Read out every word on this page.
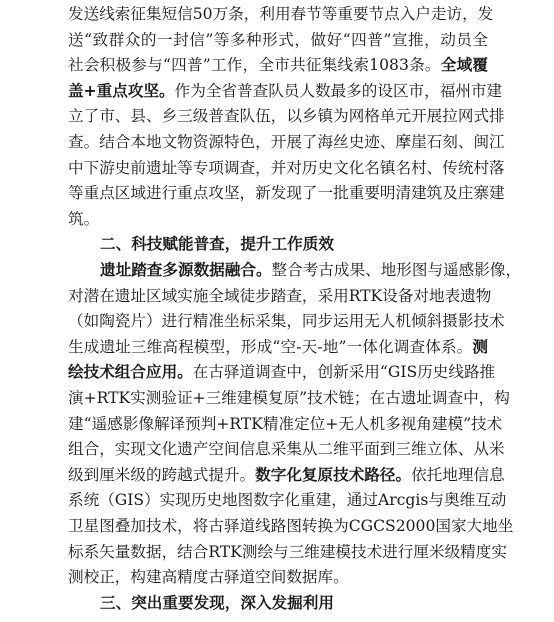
发送线索征集短信50万条，利用春节等重要节点入户走访，发
送“致群众的一封信”等多种形式，做好“四普”宣推，动员全
社会积极参与“四普”工作，全市共征集线索1083条。全域覆
盖+重点攻坚。作为全省普查队员人数最多的设区市，福州市建
立了市、县、乡三级普查队伍，以乡镇为网格单元开展拉网式排
查。结合本地文物资源特色，开展了海丝史迹、摩崖石刻、闽江
中下游史前遗址等专项调查，并对历史文化名镇名村、传统村落
等重点区域进行重点攻坚，新发现了一批重要明清建筑及庄寨建
筑。
二、科技赋能普查，提升工作质效
遗址踏查多源数据融合。整合考古成果、地形图与遥感影像，
对潜在遗址区域实施全域徒步踏查，采用RTK设备对地表遗物
（如陶瓷片）进行精准坐标采集，同步运用无人机倾斜摄影技术
生成遗址三维高程模型，形成“空-天-地”一体化调查体系。测
绘技术组合应用。在古驿道调查中，创新采用“GIS历史线路推
演+RTK实测验证+三维建模复原”技术链；在古遗址调查中，构
建“遥感影像解译预判+RTK精准定位+无人机多视角建模”技术
组合，实现文化遗产空间信息采集从二维平面到三维立体、从米
级到厘米级的跨越式提升。数字化复原技术路径。依托地理信息
系统（GIS）实现历史地图数字化重建，通过Arcgis与奥维互动
卫星图叠加技术，将古驿道线路图转换为CGCS2000国家大地坐
标系矢量数据，结合RTK测绘与三维建模技术进行厘米级精度实
测校正，构建高精度古驿道空间数据库。
三、突出重要发现，深入发掘利用
